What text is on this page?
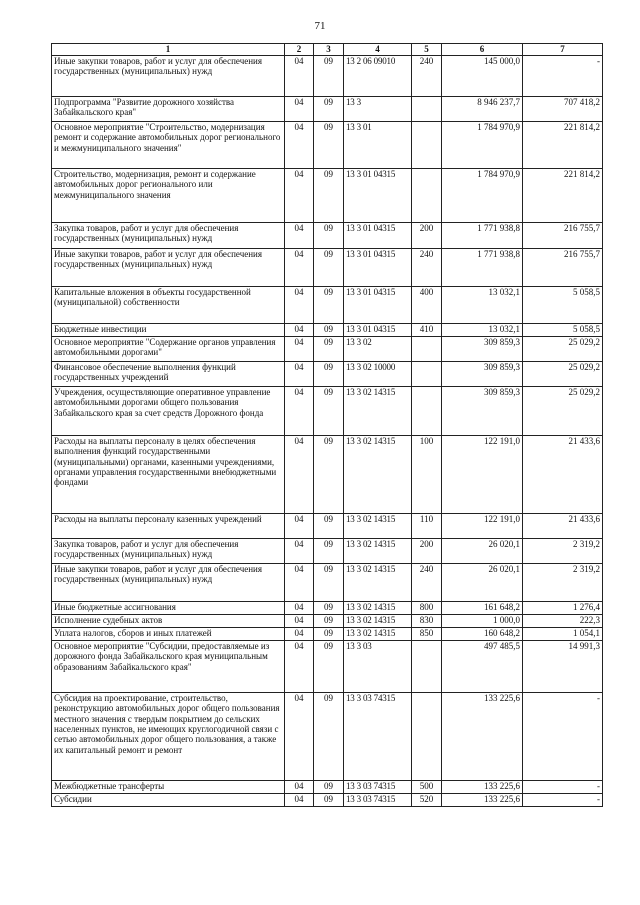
71
1	2	3	4	5	6	7
Иные закупки товаров, работ и услуг для обеспечения государственных (муниципальных) нужд	04	09	13 2 06 09010	240	145 000,0	-
Подпрограмма "Развитие дорожного хозяйства Забайкальского края"	04	09	13 3		8 946 237,7	707 418,2
Основное мероприятие "Строительство, модернизация ремонт и содержание автомобильных дорог регионального и межмуниципального значения"	04	09	13 3 01		1 784 970,9	221 814,2
Строительство, модернизация, ремонт и содержание автомобильных дорог регионального или межмуниципального значения	04	09	13 3 01 04315		1 784 970,9	221 814,2
Закупка товаров, работ и услуг для обеспечения государственных (муниципальных) нужд	04	09	13 3 01 04315	200	1 771 938,8	216 755,7
Иные закупки товаров, работ и услуг для обеспечения государственных (муниципальных) нужд	04	09	13 3 01 04315	240	1 771 938,8	216 755,7
Капитальные вложения в объекты государственной (муниципальной) собственности	04	09	13 3 01 04315	400	13 032,1	5 058,5
Бюджетные инвестиции	04	09	13 3 01 04315	410	13 032,1	5 058,5
Основное мероприятие "Содержание органов управления автомобильными дорогами"	04	09	13 3 02		309 859,3	25 029,2
Финансовое обеспечение выполнения функций государственных учреждений	04	09	13 3 02 10000		309 859,3	25 029,2
Учреждения, осуществляющие оперативное управление автомобильными дорогами общего пользования Забайкальского края за счет средств Дорожного фонда	04	09	13 3 02 14315		309 859,3	25 029,2
Расходы на выплаты персоналу в целях обеспечения выполнения функций государственными (муниципальными) органами, казенными учреждениями, органами управления государственными внебюджетными фондами	04	09	13 3 02 14315	100	122 191,0	21 433,6
Расходы на выплаты персоналу казенных учреждений	04	09	13 3 02 14315	110	122 191,0	21 433,6
Закупка товаров, работ и услуг для обеспечения государственных (муниципальных) нужд	04	09	13 3 02 14315	200	26 020,1	2 319,2
Иные закупки товаров, работ и услуг для обеспечения государственных (муниципальных) нужд	04	09	13 3 02 14315	240	26 020,1	2 319,2
Иные бюджетные ассигнования	04	09	13 3 02 14315	800	161 648,2	1 276,4
Исполнение судебных актов	04	09	13 3 02 14315	830	1 000,0	222,3
Уплата налогов, сборов и иных платежей	04	09	13 3 02 14315	850	160 648,2	1 054,1
Основное мероприятие "Субсидии, предоставляемые из дорожного фонда Забайкальского края муниципальным образованиям Забайкальского края"	04	09	13 3 03		497 485,5	14 991,3
Субсидия на проектирование, строительство, реконструкцию автомобильных дорог общего пользования местного значения с твердым покрытием до сельских населенных пунктов, не имеющих круглогодичной связи с сетью автомобильных дорог общего пользования, а также их капитальный ремонт и ремонт	04	09	13 3 03 74315		133 225,6	-
Межбюджетные трансферты	04	09	13 3 03 74315	500	133 225,6	-
Субсидии	04	09	13 3 03 74315	520	133 225,6	-
